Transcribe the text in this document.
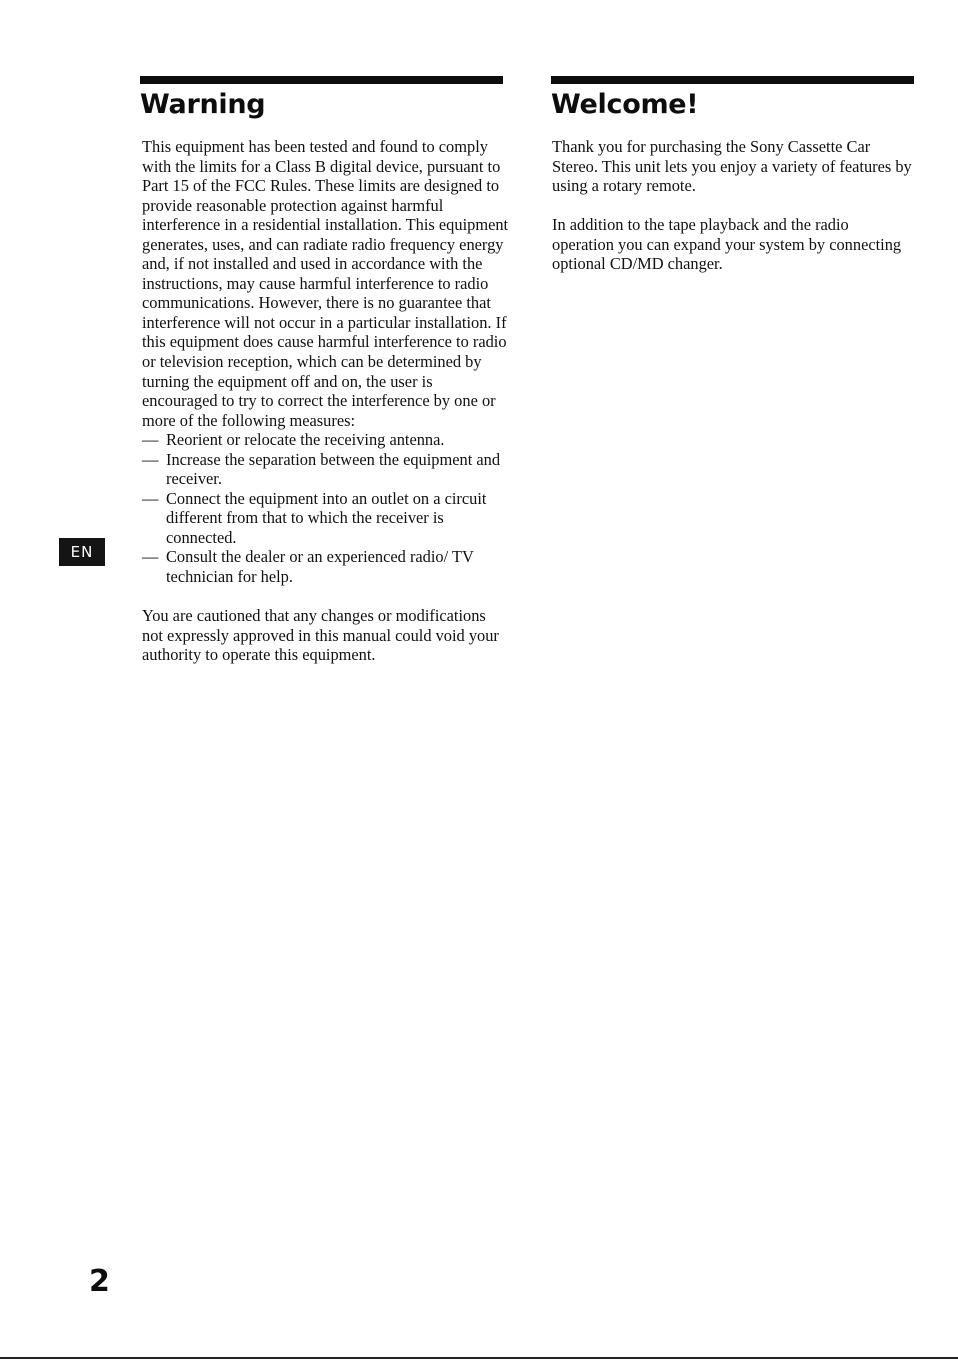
Warning

This equipment has been tested and found to comply with the limits for a Class B digital device, pursuant to Part 15 of the FCC Rules. These limits are designed to provide reasonable protection against harmful interference in a residential installation. This equipment generates, uses, and can radiate radio frequency energy and, if not installed and used in accordance with the instructions, may cause harmful interference to radio communications. However, there is no guarantee that interference will not occur in a particular installation. If this equipment does cause harmful interference to radio or television reception, which can be determined by turning the equipment off and on, the user is encouraged to try to correct the interference by one or more of the following measures:

— Reorient or relocate the receiving antenna.
— Increase the separation between the equipment and receiver.
— Connect the equipment into an outlet on a circuit different from that to which the receiver is connected.
— Consult the dealer or an experienced radio/ TV technician for help.

You are cautioned that any changes or modifications not expressly approved in this manual could void your authority to operate this equipment.

Welcome!

Thank you for purchasing the Sony Cassette Car Stereo. This unit lets you enjoy a variety of features by using a rotary remote.

In addition to the tape playback and the radio operation you can expand your system by connecting optional CD/MD changer.

EN
2
